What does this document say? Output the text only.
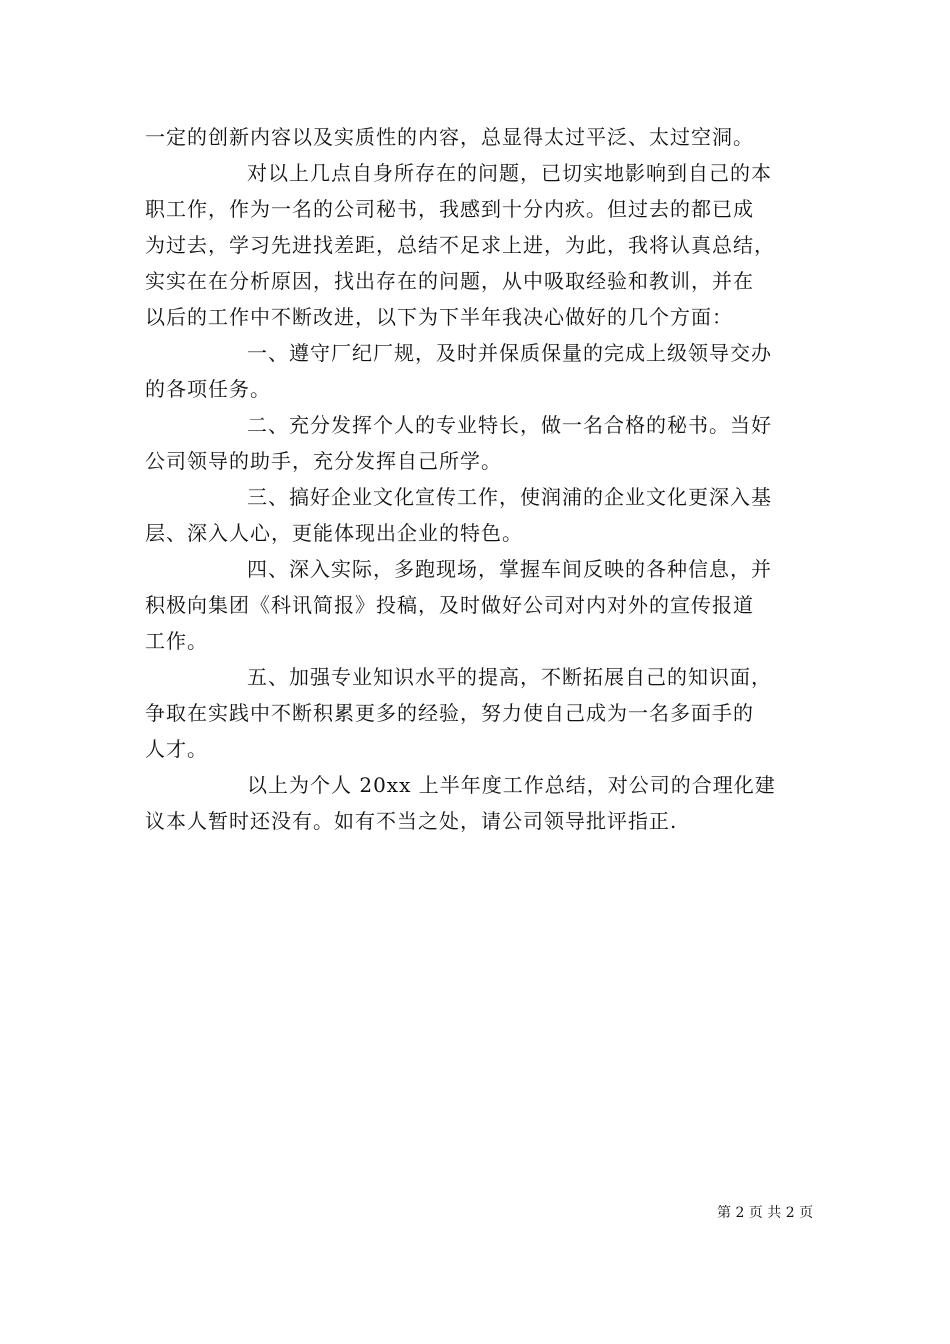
一定的创新内容以及实质性的内容，总显得太过平泛、太过空洞。
对以上几点自身所存在的问题，已切实地影响到自己的本
职工作，作为一名的公司秘书，我感到十分内疚。但过去的都已成
为过去，学习先进找差距，总结不足求上进，为此，我将认真总结，
实实在在分析原因，找出存在的问题，从中吸取经验和教训，并在
以后的工作中不断改进，以下为下半年我决心做好的几个方面：
一、遵守厂纪厂规，及时并保质保量的完成上级领导交办
的各项任务。
二、充分发挥个人的专业特长，做一名合格的秘书。当好
公司领导的助手，充分发挥自己所学。
三、搞好企业文化宣传工作，使润浦的企业文化更深入基
层、深入人心，更能体现出企业的特色。
四、深入实际，多跑现场，掌握车间反映的各种信息，并
积极向集团《科讯简报》投稿，及时做好公司对内对外的宣传报道
工作。
五、加强专业知识水平的提高，不断拓展自己的知识面，
争取在实践中不断积累更多的经验，努力使自己成为一名多面手的
人才。
以上为个人 20xx 上半年度工作总结，对公司的合理化建
议本人暂时还没有。如有不当之处，请公司领导批评指正.
第 2 页 共 2 页
